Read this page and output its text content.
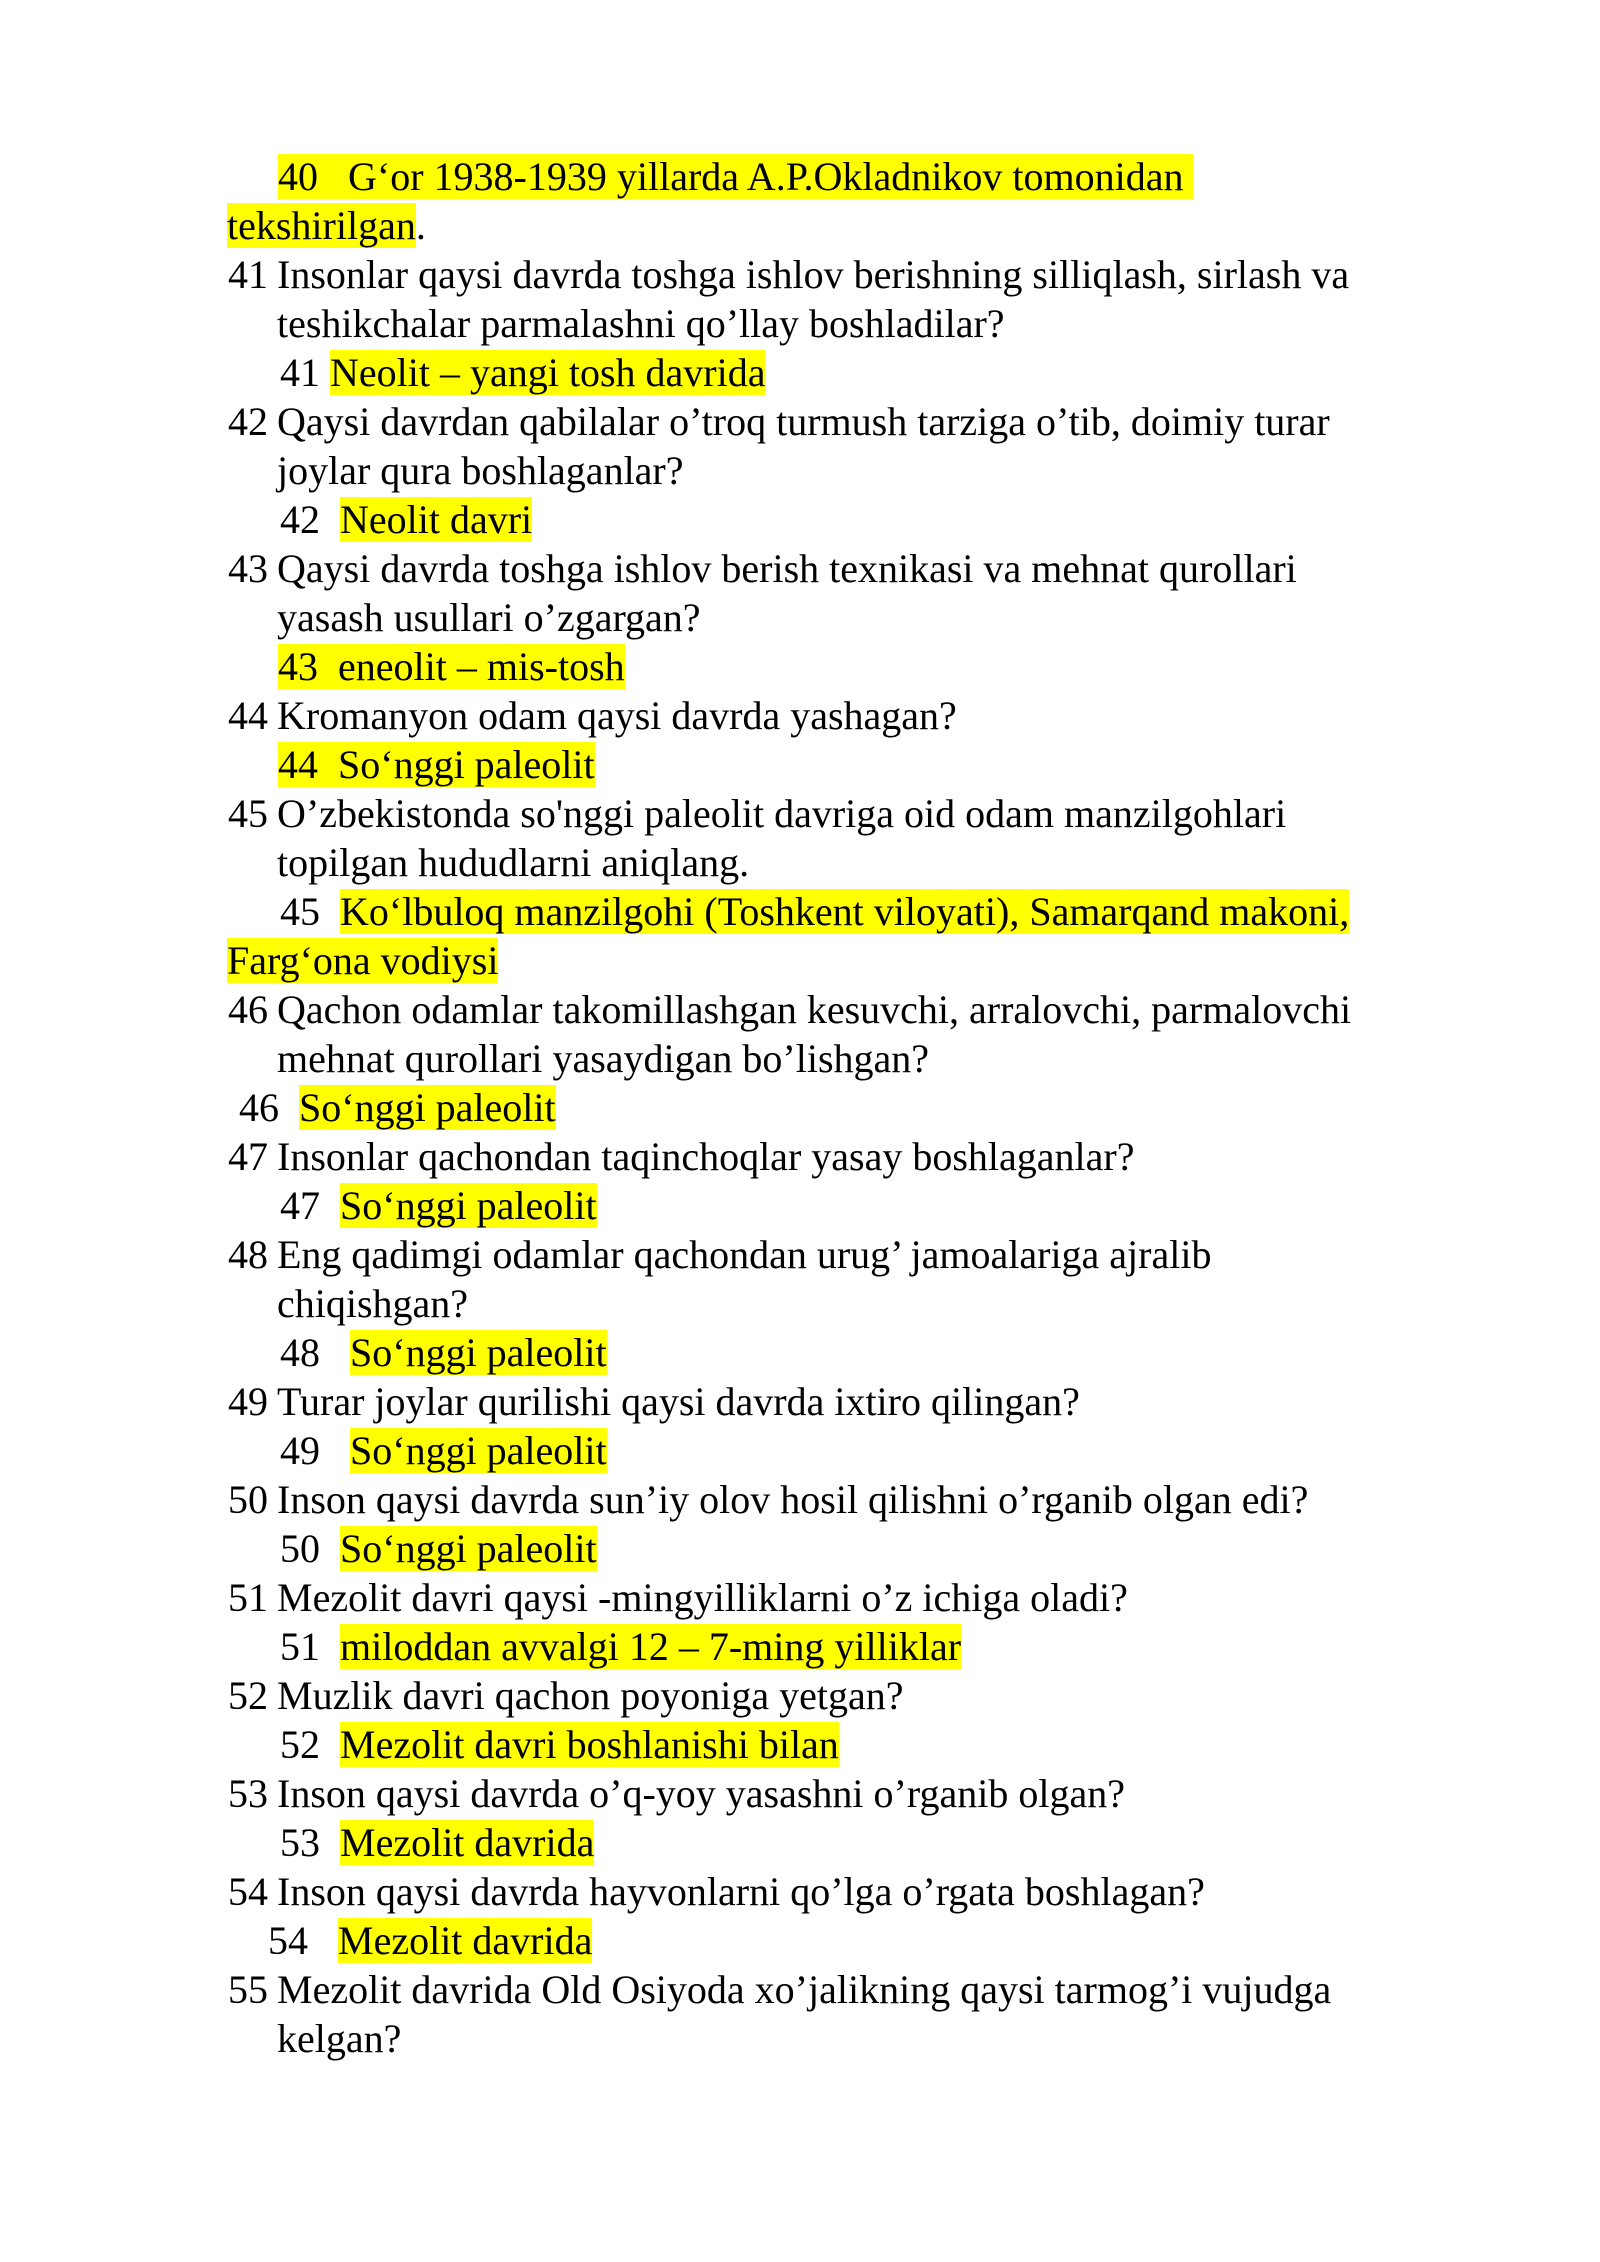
40 G‘or 1938-1939 yillarda A.P.Okladnikov tomonidan
tekshirilgan.
41 Insonlar qaysi davrda toshga ishlov berishning silliqlash, sirlash va
teshikchalar parmalashni qo’llay boshladilar?
41 Neolit – yangi tosh davrida
42 Qaysi davrdan qabilalar o’troq turmush tarziga o’tib, doimiy turar
joylar qura boshlaganlar?
42 Neolit davri
43 Qaysi davrda toshga ishlov berish texnikasi va mehnat qurollari
yasash usullari o’zgargan?
43 eneolit – mis-tosh
44 Kromanyon odam qaysi davrda yashagan?
44 So‘nggi paleolit
45 O’zbekistonda so'nggi paleolit davriga oid odam manzilgohlari
topilgan hududlarni aniqlang.
45 Ko‘lbuloq manzilgohi (Toshkent viloyati), Samarqand makoni,
Farg‘ona vodiysi
46 Qachon odamlar takomillashgan kesuvchi, arralovchi, parmalovchi
mehnat qurollari yasaydigan bo’lishgan?
46 So‘nggi paleolit
47 Insonlar qachondan taqinchoqlar yasay boshlaganlar?
47 So‘nggi paleolit
48 Eng qadimgi odamlar qachondan urug’ jamoalariga ajralib
chiqishgan?
48 So‘nggi paleolit
49 Turar joylar qurilishi qaysi davrda ixtiro qilingan?
49 So‘nggi paleolit
50 Inson qaysi davrda sun’iy olov hosil qilishni o’rganib olgan edi?
50 So‘nggi paleolit
51 Mezolit davri qaysi -mingyilliklarni o’z ichiga oladi?
51 miloddan avvalgi 12 – 7-ming yilliklar
52 Muzlik davri qachon poyoniga yetgan?
52 Mezolit davri boshlanishi bilan
53 Inson qaysi davrda o’q-yoy yasashni o’rganib olgan?
53 Mezolit davrida
54 Inson qaysi davrda hayvonlarni qo’lga o’rgata boshlagan?
54 Mezolit davrida
55 Mezolit davrida Old Osiyoda xo’jalikning qaysi tarmog’i vujudga
kelgan?
